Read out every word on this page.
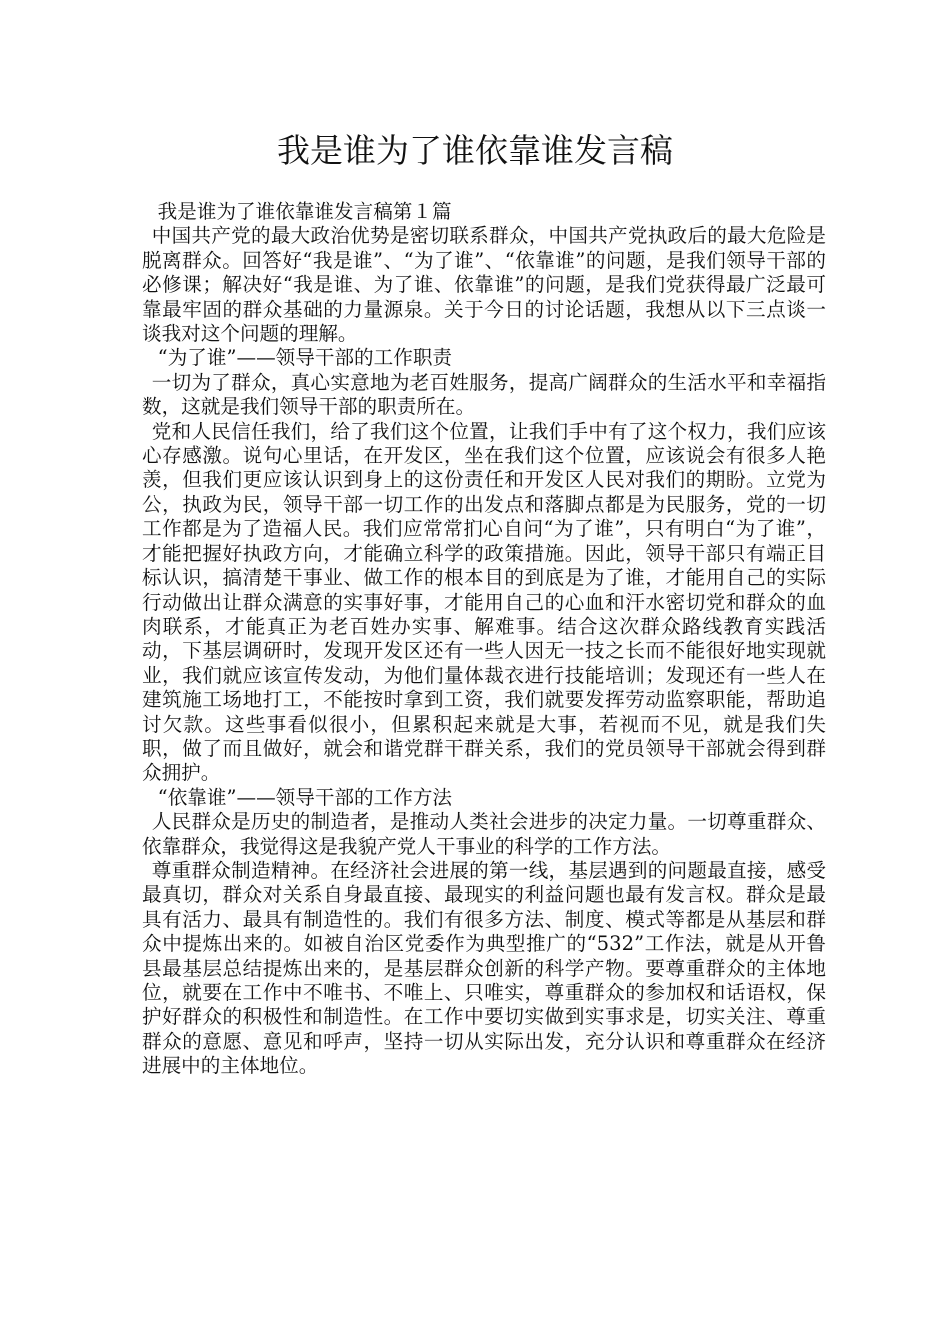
我是谁为了谁依靠谁发言稿

我是谁为了谁依靠谁发言稿第１篇

中国共产党的最大政治优势是密切联系群众，中国共产党执政后的最大危险是脱离群众。回答好“我是谁”、“为了谁”、“依靠谁”的问题，是我们领导干部的必修课；解决好“我是谁、为了谁、依靠谁”的问题，是我们党获得最广泛最可靠最牢固的群众基础的力量源泉。关于今日的讨论话题，我想从以下三点谈一谈我对这个问题的理解。

“为了谁”——领导干部的工作职责

一切为了群众，真心实意地为老百姓服务，提高广阔群众的生活水平和幸福指数，这就是我们领导干部的职责所在。

党和人民信任我们，给了我们这个位置，让我们手中有了这个权力，我们应该心存感激。说句心里话，在开发区，坐在我们这个位置，应该说会有很多人艳羡，但我们更应该认识到身上的这份责任和开发区人民对我们的期盼。立党为公，执政为民，领导干部一切工作的出发点和落脚点都是为民服务，党的一切工作都是为了造福人民。我们应常常扪心自问“为了谁”，只有明白“为了谁”，才能把握好执政方向，才能确立科学的政策措施。因此，领导干部只有端正目标认识，搞清楚干事业、做工作的根本目的到底是为了谁，才能用自己的实际行动做出让群众满意的实事好事，才能用自己的心血和汗水密切党和群众的血肉联系，才能真正为老百姓办实事、解难事。结合这次群众路线教育实践活动，下基层调研时，发现开发区还有一些人因无一技之长而不能很好地实现就业，我们就应该宣传发动，为他们量体裁衣进行技能培训；发现还有一些人在建筑施工场地打工，不能按时拿到工资，我们就要发挥劳动监察职能，帮助追讨欠款。这些事看似很小，但累积起来就是大事，若视而不见，就是我们失职，做了而且做好，就会和谐党群干群关系，我们的党员领导干部就会得到群众拥护。

“依靠谁”——领导干部的工作方法

人民群众是历史的制造者，是推动人类社会进步的决定力量。一切尊重群众、依靠群众，我觉得这是我貌产党人干事业的科学的工作方法。

尊重群众制造精神。在经济社会进展的第一线，基层遇到的问题最直接，感受最真切，群众对关系自身最直接、最现实的利益问题也最有发言权。群众是最具有活力、最具有制造性的。我们有很多方法、制度、模式等都是从基层和群众中提炼出来的。如被自治区党委作为典型推广的“532”工作法，就是从开鲁县最基层总结提炼出来的，是基层群众创新的科学产物。要尊重群众的主体地位，就要在工作中不唯书、不唯上、只唯实，尊重群众的参加权和话语权，保护好群众的积极性和制造性。在工作中要切实做到实事求是，切实关注、尊重群众的意愿、意见和呼声，坚持一切从实际出发，充分认识和尊重群众在经济进展中的主体地位。
